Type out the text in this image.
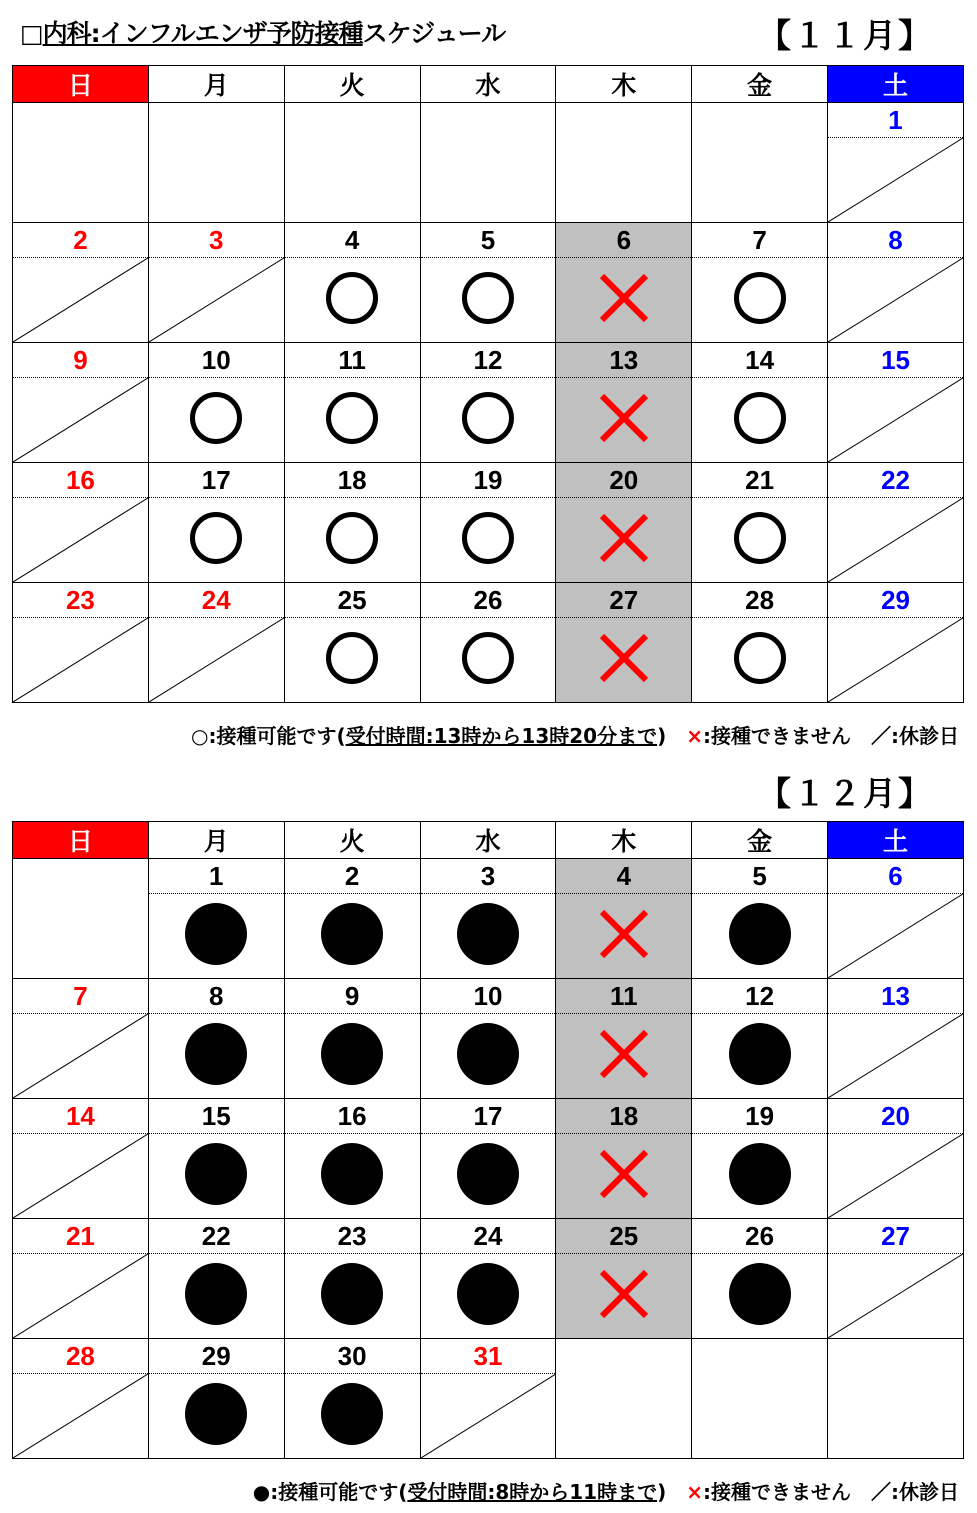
□内科:インフルエンザ予防接種スケジュール	【１１月】
日	月	火	水	木	金	土
						1

2	3	4	5	6	7	8

9	10	11	12	13	14	15

16	17	18	19	20	21	22

23	24	25	26	27	28	29

○:接種可能です(受付時間:13時から13時20分まで)　 ×:接種できません　 ／:休診日
【１２月】
日	月	火	水	木	金	土
	1	2	3	4	5	6

7	8	9	10	11	12	13

14	15	16	17	18	19	20

21	22	23	24	25	26	27

28	29	30	31			

●:接種可能です(受付時間:8時から11時まで)　 ×:接種できません　 ／:休診日
